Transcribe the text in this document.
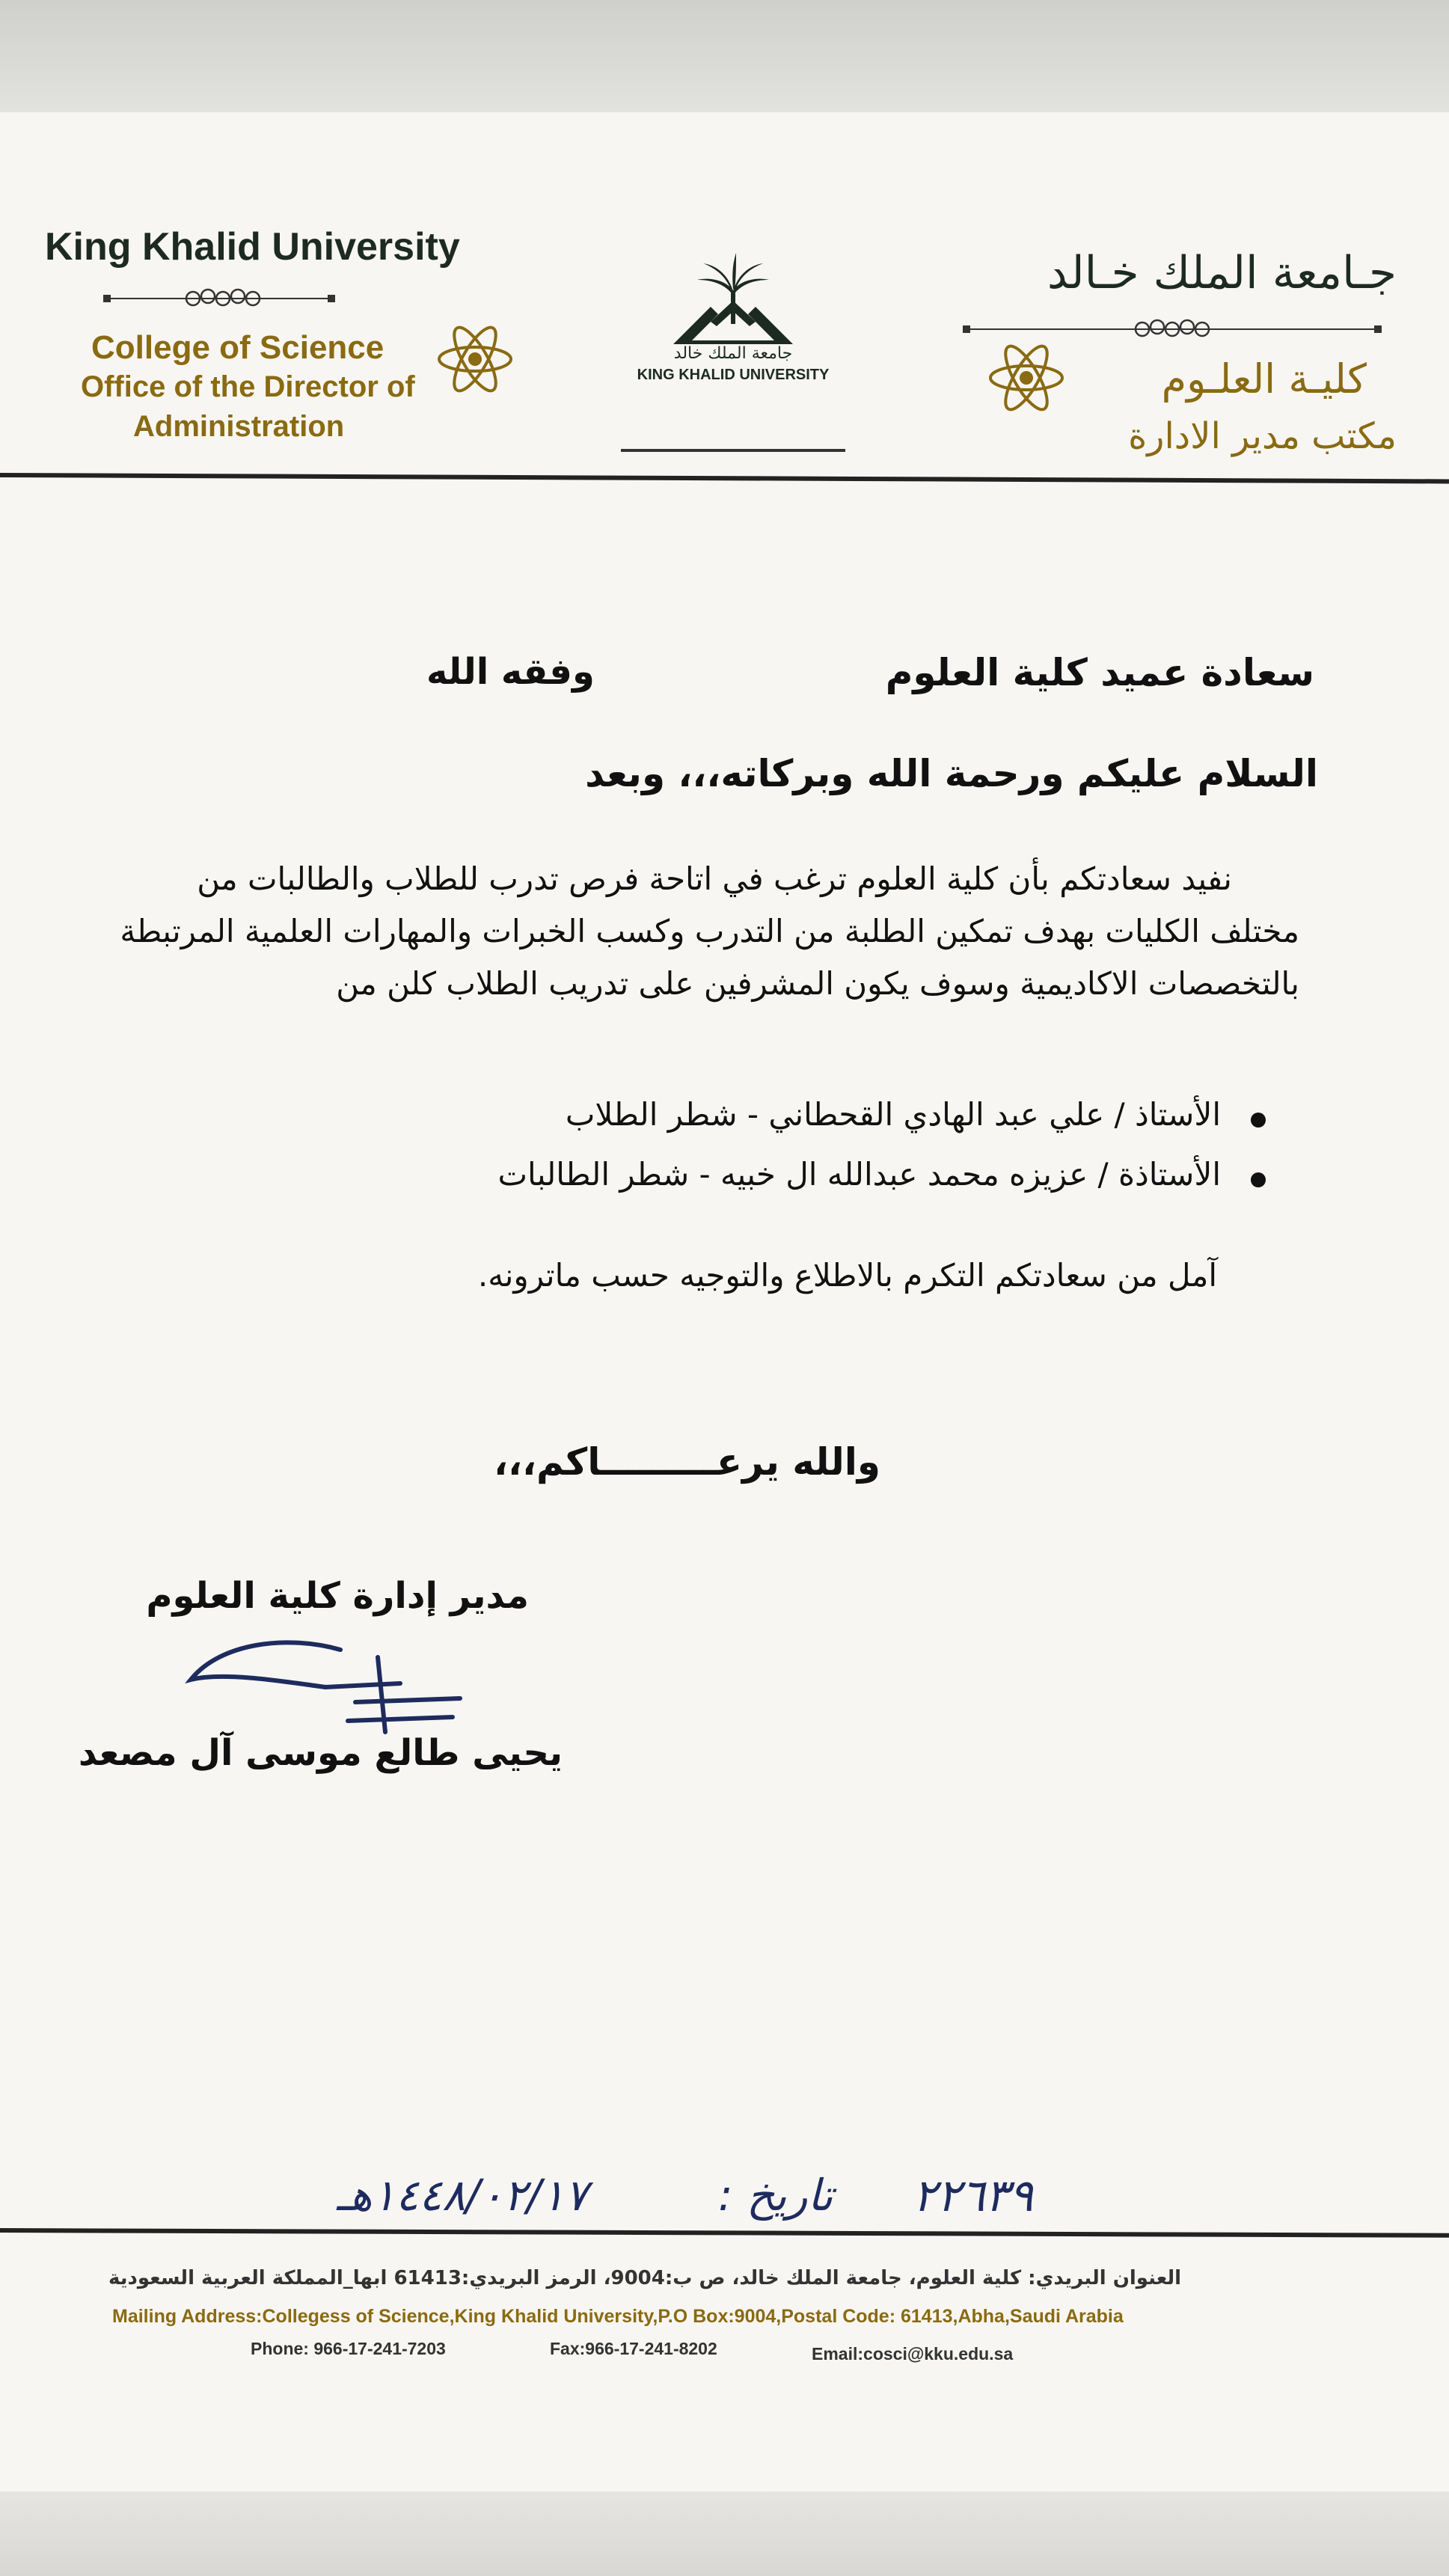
King Khalid University
College of Science
Office of the Director of
Administration
جامعة الملك خالد
KING KHALID UNIVERSITY
جـامعة الملك خـالد
كليـة العلـوم
مكتب مدير الادارة
سعادة عميد كلية العلوم
وفقه الله
السلام عليكم ورحمة الله وبركاته،،، وبعد
نفيد سعادتكم بأن كلية العلوم ترغب في اتاحة فرص تدرب للطلاب والطالبات من
مختلف الكليات بهدف تمكين الطلبة من التدرب وكسب الخبرات والمهارات العلمية المرتبطة
بالتخصصات الاكاديمية وسوف يكون المشرفين على تدريب الطلاب كلن من
الأستاذ / علي عبد الهادي القحطاني - شطر الطلاب
الأستاذة / عزيزه محمد عبدالله ال خبيه - شطر الطالبات
آمل من سعادتكم التكرم بالاطلاع والتوجيه حسب ماترونه.
والله يرعـــــــــاكم،،،
مدير إدارة كلية العلوم
يحيى طالع موسى آل مصعد
٢٢٦٣٩
تاريخ :
١٤٤٨/٠٢/١٧هـ
العنوان البريدي: كلية العلوم، جامعة الملك خالد، ص ب:9004، الرمز البريدي:61413 ابها_المملكة العربية السعودية
Mailing Address:Collegess of Science,King Khalid University,P.O Box:9004,Postal Code: 61413,Abha,Saudi Arabia
Phone: 966-17-241-7203	Fax:966-17-241-8202	Email:cosci@kku.edu.sa
